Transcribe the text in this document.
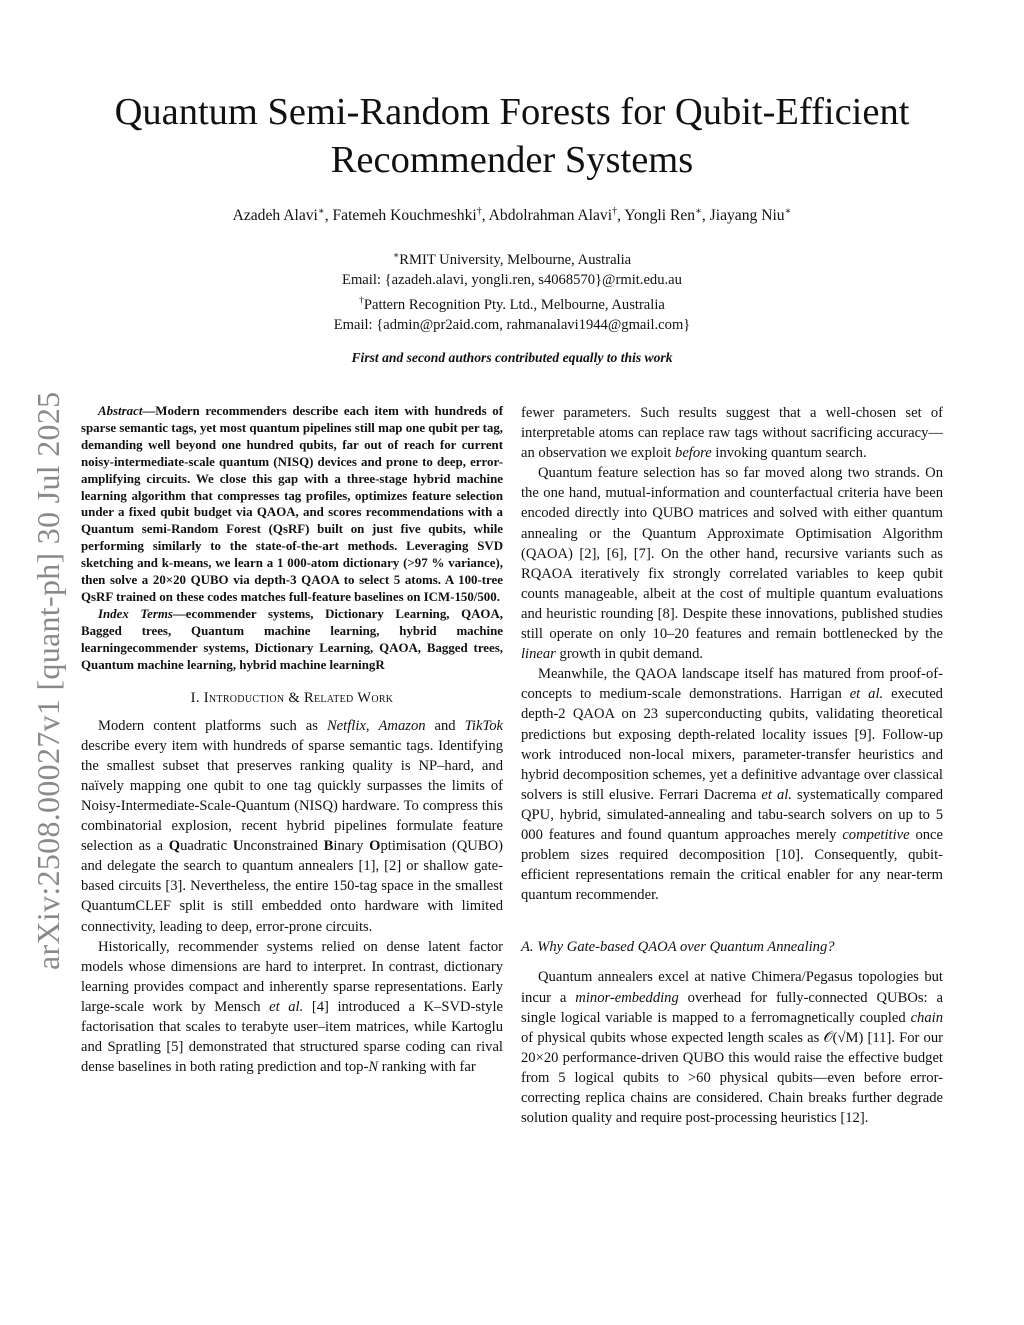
arXiv:2508.00027v1 [quant-ph] 30 Jul 2025
Quantum Semi-Random Forests for Qubit-Efficient
Recommender Systems
Azadeh Alavi∗, Fatemeh Kouchmeshki†, Abdolrahman Alavi†, Yongli Ren∗, Jiayang Niu∗
∗RMIT University, Melbourne, Australia
Email: {azadeh.alavi, yongli.ren, s4068570}@rmit.edu.au
†Pattern Recognition Pty. Ltd., Melbourne, Australia
Email: {admin@pr2aid.com, rahmanalavi1944@gmail.com}
First and second authors contributed equally to this work

Abstract—Modern recommenders describe each item with hundreds of sparse semantic tags, yet most quantum pipelines still map one qubit per tag, demanding well beyond one hundred qubits, far out of reach for current noisy-intermediate-scale quantum (NISQ) devices and prone to deep, error-amplifying circuits. We close this gap with a three-stage hybrid machine learning algorithm that compresses tag profiles, optimizes feature selection under a fixed qubit budget via QAOA, and scores recommendations with a Quantum semi-Random Forest (QsRF) built on just five qubits, while performing similarly to the state-of-the-art methods. Leveraging SVD sketching and k-means, we learn a 1 000-atom dictionary (>97 % variance), then solve a 20×20 QUBO via depth-3 QAOA to select 5 atoms. A 100-tree QsRF trained on these codes matches full-feature baselines on ICM-150/500.

Index Terms—ecommender systems, Dictionary Learning, QAOA, Bagged trees, Quantum machine learning, hybrid machine learningecommender systems, Dictionary Learning, QAOA, Bagged trees, Quantum machine learning, hybrid machine learningR

I. Introduction & Related Work

Modern content platforms such as Netflix, Amazon and TikTok describe every item with hundreds of sparse semantic tags. Identifying the smallest subset that preserves ranking quality is NP–hard, and naïvely mapping one qubit to one tag quickly surpasses the limits of Noisy-Intermediate-Scale-Quantum (NISQ) hardware. To compress this combinatorial explosion, recent hybrid pipelines formulate feature selection as a Quadratic Unconstrained Binary Optimisation (QUBO) and delegate the search to quantum annealers [1], [2] or shallow gate-based circuits [3]. Nevertheless, the entire 150-tag space in the smallest QuantumCLEF split is still embedded onto hardware with limited connectivity, leading to deep, error-prone circuits.

Historically, recommender systems relied on dense latent factor models whose dimensions are hard to interpret. In contrast, dictionary learning provides compact and inherently sparse representations. Early large-scale work by Mensch et al. [4] introduced a K–SVD-style factorisation that scales to terabyte user–item matrices, while Kartoglu and Spratling [5] demonstrated that structured sparse coding can rival dense baselines in both rating prediction and top-N ranking with far

fewer parameters. Such results suggest that a well-chosen set of interpretable atoms can replace raw tags without sacrificing accuracy—an observation we exploit before invoking quantum search.

Quantum feature selection has so far moved along two strands. On the one hand, mutual-information and counterfactual criteria have been encoded directly into QUBO matrices and solved with either quantum annealing or the Quantum Approximate Optimisation Algorithm (QAOA) [2], [6], [7]. On the other hand, recursive variants such as RQAOA iteratively fix strongly correlated variables to keep qubit counts manageable, albeit at the cost of multiple quantum evaluations and heuristic rounding [8]. Despite these innovations, published studies still operate on only 10–20 features and remain bottlenecked by the linear growth in qubit demand.

Meanwhile, the QAOA landscape itself has matured from proof-of-concepts to medium-scale demonstrations. Harrigan et al. executed depth-2 QAOA on 23 superconducting qubits, validating theoretical predictions but exposing depth-related locality issues [9]. Follow-up work introduced non-local mixers, parameter-transfer heuristics and hybrid decomposition schemes, yet a definitive advantage over classical solvers is still elusive. Ferrari Dacrema et al. systematically compared QPU, hybrid, simulated-annealing and tabu-search solvers on up to 5 000 features and found quantum approaches merely competitive once problem sizes required decomposition [10]. Consequently, qubit-efficient representations remain the critical enabler for any near-term quantum recommender.

A. Why Gate-based QAOA over Quantum Annealing?

Quantum annealers excel at native Chimera/Pegasus topologies but incur a minor-embedding overhead for fully-connected QUBOs: a single logical variable is mapped to a ferromagnetically coupled chain of physical qubits whose expected length scales as 𝒪(√M) [11]. For our 20×20 performance-driven QUBO this would raise the effective budget from 5 logical qubits to >60 physical qubits—even before error-correcting replica chains are considered. Chain breaks further degrade solution quality and require post-processing heuristics [12].
